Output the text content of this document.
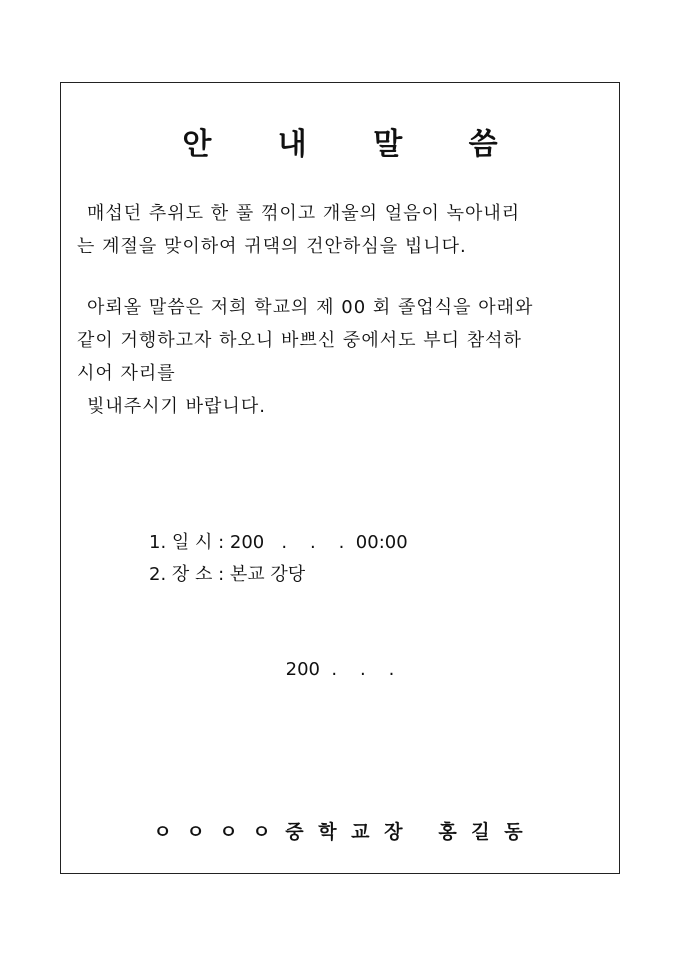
안 내 말 씀

매섭던 추위도 한 풀 꺾이고 개울의 얼음이 녹아내리
는 계절을 맞이하여 귀댁의 건안하심을 빕니다.

아뢰올 말씀은 저희 학교의 제 00 회 졸업식을 아래와
같이 거행하고자 하오니 바쁘신 중에서도 부디 참석하
시어 자리를
빛내주시기 바랍니다.

1. 일 시 : 200   .    .    .  00:00
2. 장 소 : 본교 강당
200  .    .    .
ㅇ ㅇ ㅇ ㅇ 중 학 교 장   홍 길 동
